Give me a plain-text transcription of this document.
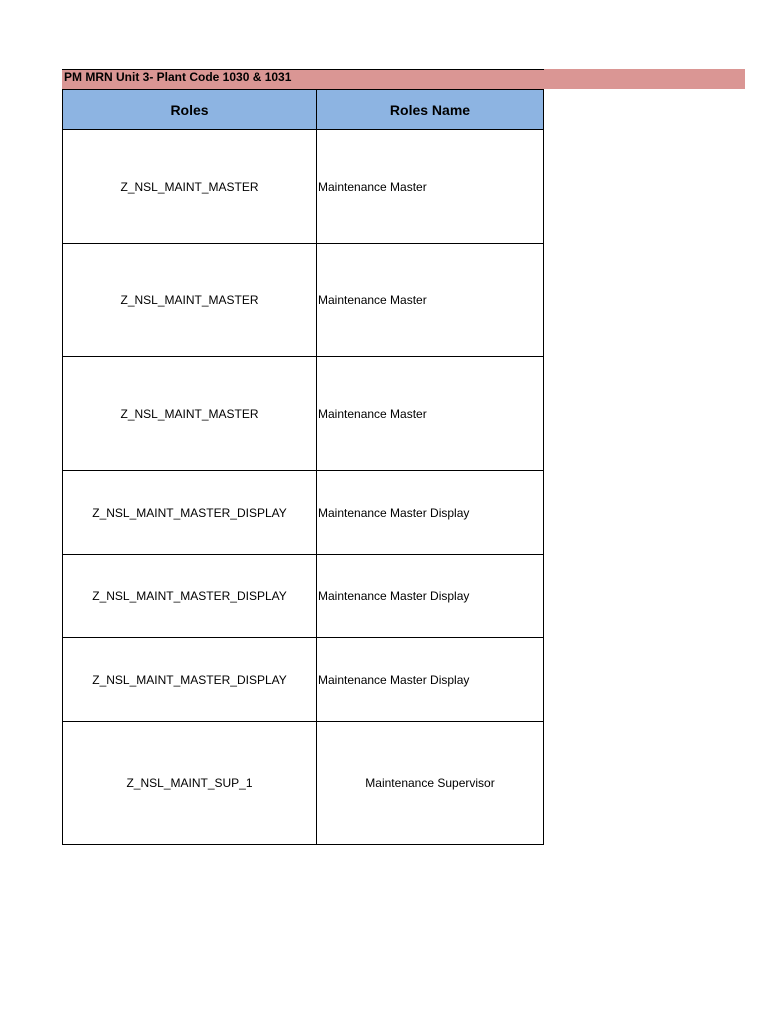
PM MRN Unit 3- Plant Code 1030 & 1031
Roles	Roles Name
Z_NSL_MAINT_MASTER	Maintenance Master
Z_NSL_MAINT_MASTER	Maintenance Master
Z_NSL_MAINT_MASTER	Maintenance Master
Z_NSL_MAINT_MASTER_DISPLAY	Maintenance Master Display
Z_NSL_MAINT_MASTER_DISPLAY	Maintenance Master Display
Z_NSL_MAINT_MASTER_DISPLAY	Maintenance Master Display
Z_NSL_MAINT_SUP_1	Maintenance Supervisor
